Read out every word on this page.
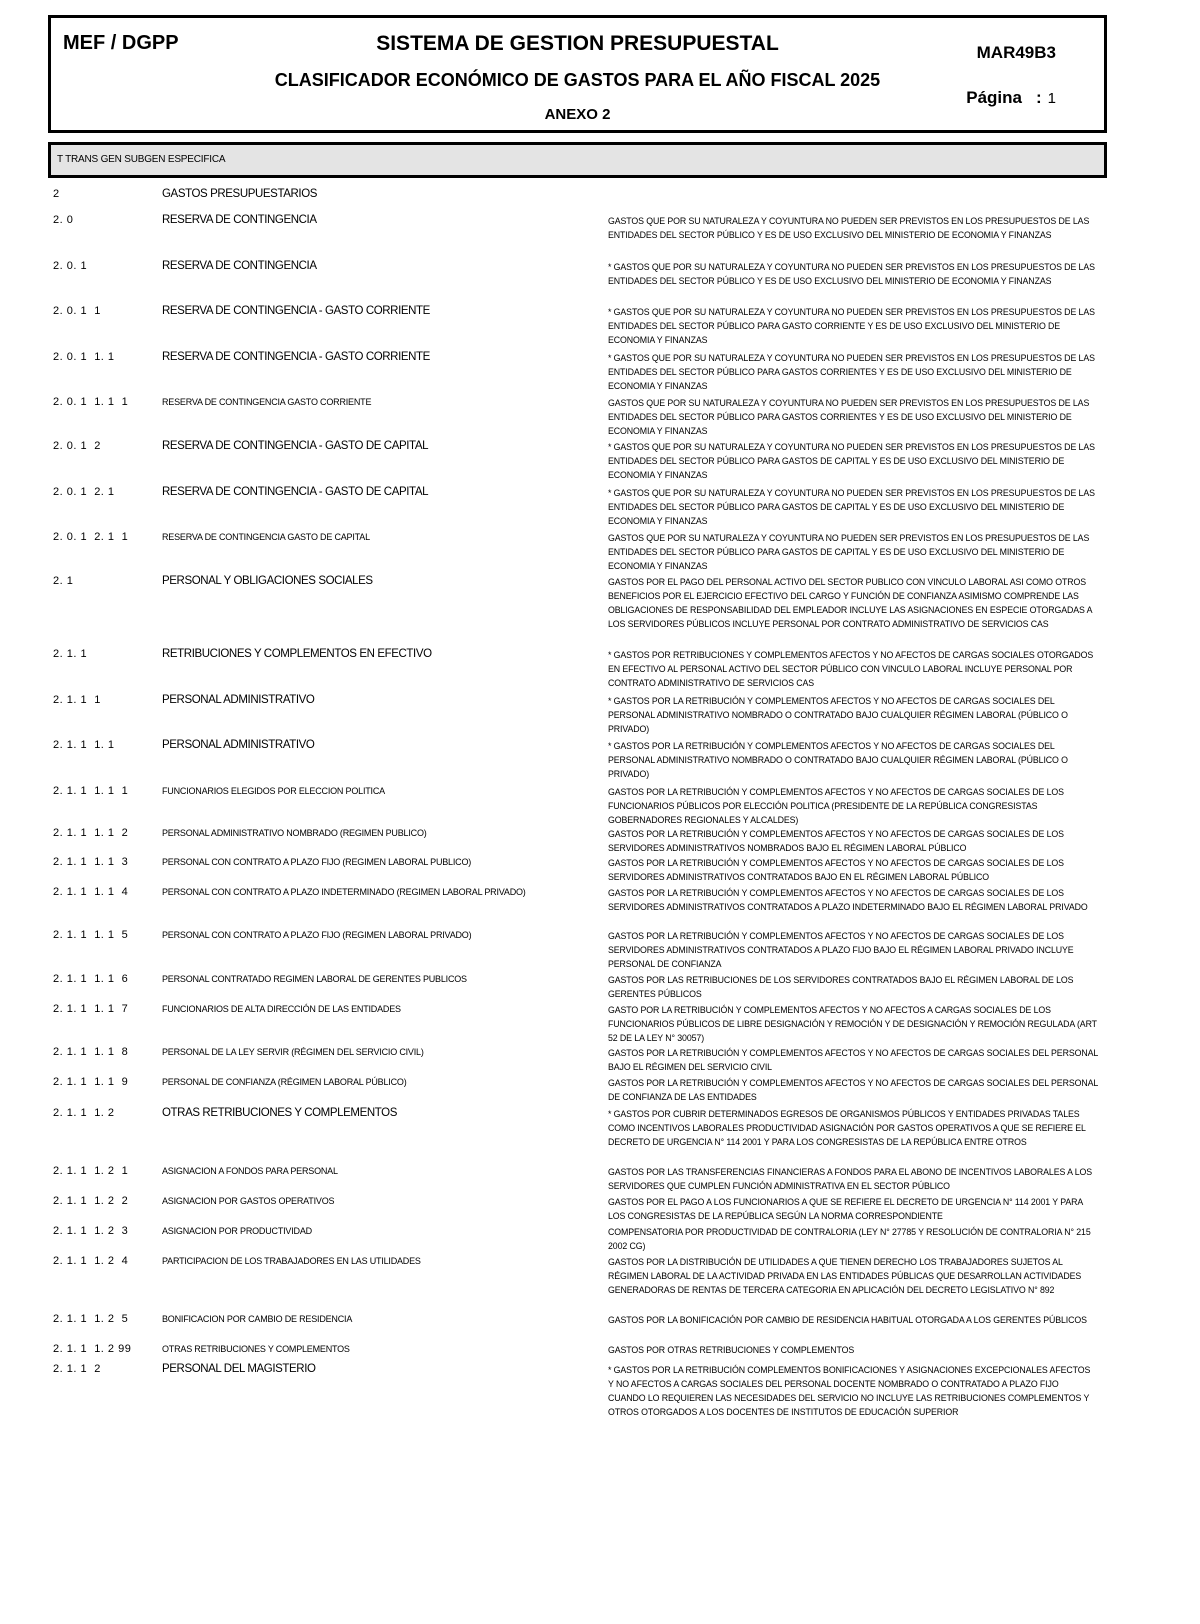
MEF / DGPP	SISTEMA DE GESTION PRESUPUESTAL
CLASIFICADOR ECONÓMICO DE GASTOS PARA EL AÑO FISCAL 2025
ANEXO 2
MAR49B3
Página : 1
T TRANS GEN SUBGEN ESPECIFICA
2	GASTOS PRESUPUESTARIOS
2. 0	RESERVA DE CONTINGENCIA	GASTOS QUE POR SU NATURALEZA Y COYUNTURA NO PUEDEN SER PREVISTOS EN LOS PRESUPUESTOS DE LAS ENTIDADES DEL SECTOR PÚBLICO Y ES DE USO EXCLUSIVO DEL MINISTERIO DE ECONOMIA Y FINANZAS
2. 0. 1	RESERVA DE CONTINGENCIA	* GASTOS QUE POR SU NATURALEZA Y COYUNTURA NO PUEDEN SER PREVISTOS EN LOS PRESUPUESTOS DE LAS ENTIDADES DEL SECTOR PÚBLICO Y ES DE USO EXCLUSIVO DEL MINISTERIO DE ECONOMIA Y FINANZAS
2. 0. 1  1	RESERVA DE CONTINGENCIA - GASTO CORRIENTE	* GASTOS QUE POR SU NATURALEZA Y COYUNTURA NO PUEDEN SER PREVISTOS EN LOS PRESUPUESTOS DE LAS ENTIDADES DEL SECTOR PÚBLICO PARA GASTO CORRIENTE Y ES DE USO EXCLUSIVO DEL MINISTERIO DE ECONOMIA Y FINANZAS
2. 0. 1  1. 1	RESERVA DE CONTINGENCIA - GASTO CORRIENTE	* GASTOS QUE POR SU NATURALEZA Y COYUNTURA NO PUEDEN SER PREVISTOS EN LOS PRESUPUESTOS DE LAS ENTIDADES DEL SECTOR PÚBLICO PARA GASTOS CORRIENTES Y ES DE USO EXCLUSIVO DEL MINISTERIO DE ECONOMIA Y FINANZAS
2. 0. 1  1. 1  1	RESERVA DE CONTINGENCIA GASTO CORRIENTE	GASTOS QUE POR SU NATURALEZA Y COYUNTURA NO PUEDEN SER PREVISTOS EN LOS PRESUPUESTOS DE LAS ENTIDADES DEL SECTOR PÚBLICO PARA GASTOS CORRIENTES Y ES DE USO EXCLUSIVO DEL MINISTERIO DE ECONOMIA Y FINANZAS
2. 0. 1  2	RESERVA DE CONTINGENCIA - GASTO DE CAPITAL	* GASTOS QUE POR SU NATURALEZA Y COYUNTURA NO PUEDEN SER PREVISTOS EN LOS PRESUPUESTOS DE LAS ENTIDADES DEL SECTOR PÚBLICO PARA GASTOS DE CAPITAL Y ES DE USO EXCLUSIVO DEL MINISTERIO DE ECONOMIA Y FINANZAS
2. 0. 1  2. 1	RESERVA DE CONTINGENCIA - GASTO DE CAPITAL	* GASTOS QUE POR SU NATURALEZA Y COYUNTURA NO PUEDEN SER PREVISTOS EN LOS PRESUPUESTOS DE LAS ENTIDADES DEL SECTOR PÚBLICO PARA GASTOS DE CAPITAL Y ES DE USO EXCLUSIVO DEL MINISTERIO DE ECONOMIA Y FINANZAS
2. 0. 1  2. 1  1	RESERVA DE CONTINGENCIA GASTO DE CAPITAL	GASTOS QUE POR SU NATURALEZA Y COYUNTURA NO PUEDEN SER PREVISTOS EN LOS PRESUPUESTOS DE LAS ENTIDADES DEL SECTOR PÚBLICO PARA GASTOS DE CAPITAL Y ES DE USO EXCLUSIVO DEL MINISTERIO DE ECONOMIA Y FINANZAS
2. 1	PERSONAL Y OBLIGACIONES SOCIALES	GASTOS POR EL PAGO DEL PERSONAL ACTIVO DEL SECTOR PUBLICO CON VINCULO LABORAL ASI COMO OTROS BENEFICIOS POR EL EJERCICIO EFECTIVO DEL CARGO Y FUNCIÓN DE CONFIANZA ASIMISMO COMPRENDE LAS OBLIGACIONES DE RESPONSABILIDAD DEL EMPLEADOR INCLUYE LAS ASIGNACIONES EN ESPECIE OTORGADAS A LOS SERVIDORES PÚBLICOS INCLUYE PERSONAL POR CONTRATO ADMINISTRATIVO DE SERVICIOS CAS
2. 1. 1	RETRIBUCIONES Y COMPLEMENTOS EN EFECTIVO	* GASTOS POR RETRIBUCIONES Y COMPLEMENTOS AFECTOS Y NO AFECTOS DE CARGAS SOCIALES OTORGADOS EN EFECTIVO AL PERSONAL ACTIVO DEL SECTOR PÚBLICO CON VINCULO LABORAL INCLUYE PERSONAL POR CONTRATO ADMINISTRATIVO DE SERVICIOS CAS
2. 1. 1  1	PERSONAL ADMINISTRATIVO	* GASTOS POR LA RETRIBUCIÓN Y COMPLEMENTOS AFECTOS Y NO AFECTOS DE CARGAS SOCIALES DEL PERSONAL ADMINISTRATIVO NOMBRADO O CONTRATADO BAJO CUALQUIER RÉGIMEN LABORAL (PÚBLICO O PRIVADO)
2. 1. 1  1. 1	PERSONAL ADMINISTRATIVO	* GASTOS POR LA RETRIBUCIÓN Y COMPLEMENTOS AFECTOS Y NO AFECTOS DE CARGAS SOCIALES DEL PERSONAL ADMINISTRATIVO NOMBRADO O CONTRATADO BAJO CUALQUIER RÉGIMEN LABORAL (PÚBLICO O PRIVADO)
2. 1. 1  1. 1  1	FUNCIONARIOS ELEGIDOS POR ELECCION POLITICA	GASTOS POR LA RETRIBUCIÓN Y COMPLEMENTOS AFECTOS Y NO AFECTOS DE CARGAS SOCIALES DE LOS FUNCIONARIOS PÚBLICOS POR ELECCIÓN POLITICA (PRESIDENTE DE LA REPÚBLICA CONGRESISTAS GOBERNADORES REGIONALES Y ALCALDES)
2. 1. 1  1. 1  2	PERSONAL ADMINISTRATIVO NOMBRADO (REGIMEN PUBLICO)	GASTOS POR LA RETRIBUCIÓN Y COMPLEMENTOS AFECTOS Y NO AFECTOS DE CARGAS SOCIALES DE LOS SERVIDORES ADMINISTRATIVOS NOMBRADOS BAJO EL RÉGIMEN LABORAL PÚBLICO
2. 1. 1  1. 1  3	PERSONAL CON CONTRATO A PLAZO FIJO (REGIMEN LABORAL PUBLICO)	GASTOS POR LA RETRIBUCIÓN Y COMPLEMENTOS AFECTOS Y NO AFECTOS DE CARGAS SOCIALES DE LOS SERVIDORES ADMINISTRATIVOS CONTRATADOS BAJO EN EL RÉGIMEN LABORAL PÚBLICO
2. 1. 1  1. 1  4	PERSONAL CON CONTRATO A PLAZO INDETERMINADO (REGIMEN LABORAL PRIVADO)	GASTOS POR LA RETRIBUCIÓN Y COMPLEMENTOS AFECTOS Y NO AFECTOS DE CARGAS SOCIALES DE LOS SERVIDORES ADMINISTRATIVOS CONTRATADOS A PLAZO INDETERMINADO BAJO EL RÉGIMEN LABORAL PRIVADO
2. 1. 1  1. 1  5	PERSONAL CON CONTRATO A PLAZO FIJO (REGIMEN LABORAL PRIVADO)	GASTOS POR LA RETRIBUCIÓN Y COMPLEMENTOS AFECTOS Y NO AFECTOS DE CARGAS SOCIALES DE LOS SERVIDORES ADMINISTRATIVOS CONTRATADOS A PLAZO FIJO BAJO EL RÉGIMEN LABORAL PRIVADO INCLUYE PERSONAL DE CONFIANZA
2. 1. 1  1. 1  6	PERSONAL CONTRATADO REGIMEN LABORAL DE GERENTES PUBLICOS	GASTOS POR LAS RETRIBUCIONES DE LOS SERVIDORES CONTRATADOS BAJO EL RÉGIMEN LABORAL DE LOS GERENTES PÚBLICOS
2. 1. 1  1. 1  7	FUNCIONARIOS DE ALTA DIRECCIÓN DE LAS ENTIDADES	GASTO POR LA RETRIBUCIÓN Y COMPLEMENTOS AFECTOS Y NO AFECTOS A CARGAS SOCIALES DE LOS FUNCIONARIOS PÚBLICOS DE LIBRE DESIGNACIÓN Y REMOCIÓN Y DE DESIGNACIÓN Y REMOCIÓN REGULADA (ART 52 DE LA LEY N° 30057)
2. 1. 1  1. 1  8	PERSONAL DE LA LEY SERVIR (RÉGIMEN DEL SERVICIO CIVIL)	GASTOS POR LA RETRIBUCIÓN Y COMPLEMENTOS AFECTOS Y NO AFECTOS DE CARGAS SOCIALES DEL PERSONAL BAJO EL RÉGIMEN DEL SERVICIO CIVIL
2. 1. 1  1. 1  9	PERSONAL DE CONFIANZA (RÉGIMEN LABORAL PÚBLICO)	GASTOS POR LA RETRIBUCIÓN Y COMPLEMENTOS AFECTOS Y NO AFECTOS DE CARGAS SOCIALES DEL PERSONAL DE CONFIANZA DE LAS ENTIDADES
2. 1. 1  1. 2	OTRAS RETRIBUCIONES Y COMPLEMENTOS	* GASTOS POR CUBRIR DETERMINADOS EGRESOS DE ORGANISMOS PÚBLICOS Y ENTIDADES PRIVADAS TALES COMO INCENTIVOS LABORALES PRODUCTIVIDAD ASIGNACIÓN POR GASTOS OPERATIVOS A QUE SE REFIERE EL DECRETO DE URGENCIA N° 114 2001 Y PARA LOS CONGRESISTAS DE LA REPÚBLICA ENTRE OTROS
2. 1. 1  1. 2  1	ASIGNACION A FONDOS PARA PERSONAL	GASTOS POR LAS TRANSFERENCIAS FINANCIERAS A FONDOS PARA EL ABONO DE INCENTIVOS LABORALES A LOS SERVIDORES QUE CUMPLEN FUNCIÓN ADMINISTRATIVA EN EL SECTOR PÚBLICO
2. 1. 1  1. 2  2	ASIGNACION POR GASTOS OPERATIVOS	GASTOS POR EL PAGO A LOS FUNCIONARIOS A QUE SE REFIERE EL DECRETO DE URGENCIA N° 114 2001 Y PARA LOS CONGRESISTAS DE LA REPÚBLICA SEGÚN LA NORMA CORRESPONDIENTE
2. 1. 1  1. 2  3	ASIGNACION POR PRODUCTIVIDAD	COMPENSATORIA POR PRODUCTIVIDAD DE CONTRALORIA (LEY N° 27785 Y RESOLUCIÓN DE CONTRALORIA N° 215 2002 CG)
2. 1. 1  1. 2  4	PARTICIPACION DE LOS TRABAJADORES EN LAS UTILIDADES	GASTOS POR LA DISTRIBUCIÓN DE UTILIDADES A QUE TIENEN DERECHO LOS TRABAJADORES SUJETOS AL RÉGIMEN LABORAL DE LA ACTIVIDAD PRIVADA EN LAS ENTIDADES PÚBLICAS QUE DESARROLLAN ACTIVIDADES GENERADORAS DE RENTAS DE TERCERA CATEGORIA EN APLICACIÓN DEL DECRETO LEGISLATIVO N° 892
2. 1. 1  1. 2  5	BONIFICACION POR CAMBIO DE RESIDENCIA	GASTOS POR LA BONIFICACIÓN POR CAMBIO DE RESIDENCIA HABITUAL OTORGADA A LOS GERENTES PÚBLICOS
2. 1. 1  1. 2 99	OTRAS RETRIBUCIONES Y COMPLEMENTOS	GASTOS POR OTRAS RETRIBUCIONES Y COMPLEMENTOS
2. 1. 1  2	PERSONAL DEL MAGISTERIO	* GASTOS POR LA RETRIBUCIÓN COMPLEMENTOS BONIFICACIONES Y ASIGNACIONES EXCEPCIONALES AFECTOS Y NO AFECTOS A CARGAS SOCIALES DEL PERSONAL DOCENTE NOMBRADO O CONTRATADO A PLAZO FIJO CUANDO LO REQUIEREN LAS NECESIDADES DEL SERVICIO NO INCLUYE LAS RETRIBUCIONES COMPLEMENTOS Y OTROS OTORGADOS A LOS DOCENTES DE INSTITUTOS DE EDUCACIÓN SUPERIOR
